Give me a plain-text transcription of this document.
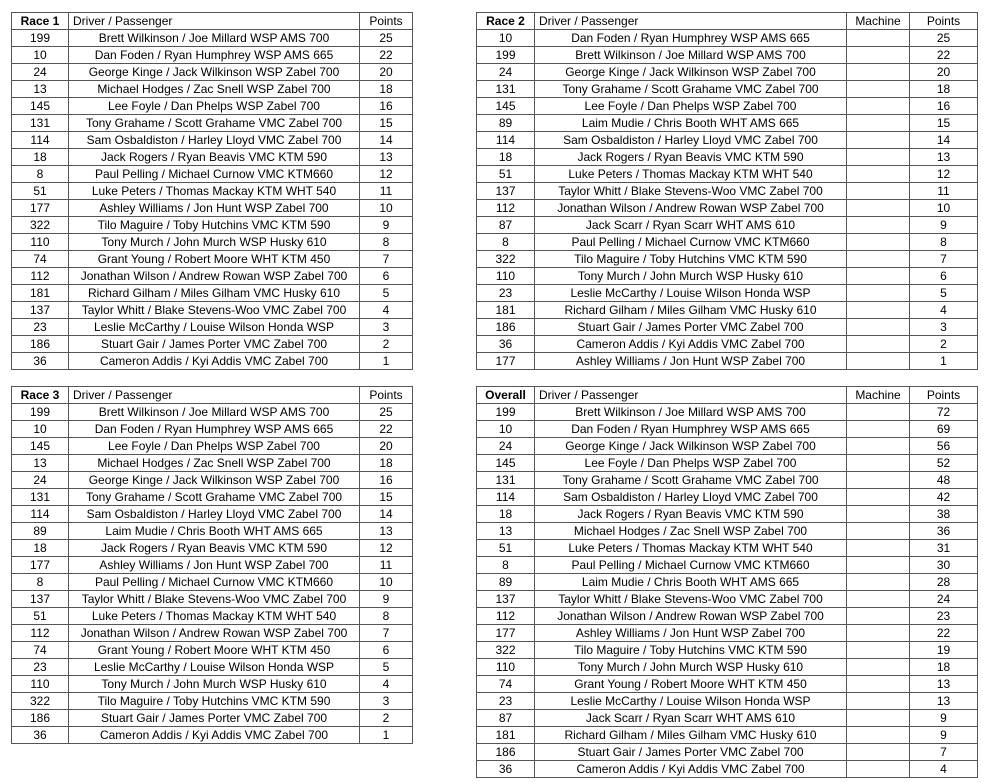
Race 1	Driver / Passenger	Points
199	Brett Wilkinson / Joe Millard WSP AMS 700	25
10	Dan Foden / Ryan Humphrey WSP AMS 665	22
24	George Kinge / Jack Wilkinson WSP Zabel 700	20
13	Michael Hodges / Zac Snell WSP Zabel 700	18
145	Lee Foyle / Dan Phelps WSP Zabel 700	16
131	Tony Grahame / Scott Grahame VMC Zabel 700	15
114	Sam Osbaldiston / Harley Lloyd VMC Zabel 700	14
18	Jack Rogers / Ryan Beavis VMC KTM 590	13
8	Paul Pelling / Michael Curnow VMC KTM660	12
51	Luke Peters / Thomas Mackay KTM WHT 540	11
177	Ashley Williams / Jon Hunt WSP Zabel 700	10
322	Tilo Maguire / Toby Hutchins VMC KTM 590	9
110	Tony Murch / John Murch WSP Husky 610	8
74	Grant Young / Robert Moore WHT KTM 450	7
112	Jonathan Wilson / Andrew Rowan WSP Zabel 700	6
181	Richard Gilham / Miles Gilham VMC Husky 610	5
137	Taylor Whitt / Blake Stevens-Woo VMC Zabel 700	4
23	Leslie McCarthy / Louise Wilson Honda WSP	3
186	Stuart Gair / James Porter VMC Zabel 700	2
36	Cameron Addis / Kyi Addis VMC Zabel 700	1
Race 2	Driver / Passenger	Machine	Points
10	Dan Foden / Ryan Humphrey WSP AMS 665		25
199	Brett Wilkinson / Joe Millard WSP AMS 700		22
24	George Kinge / Jack Wilkinson WSP Zabel 700		20
131	Tony Grahame / Scott Grahame VMC Zabel 700		18
145	Lee Foyle / Dan Phelps WSP Zabel 700		16
89	Laim Mudie / Chris Booth WHT AMS 665		15
114	Sam Osbaldiston / Harley Lloyd VMC Zabel 700		14
18	Jack Rogers / Ryan Beavis VMC KTM 590		13
51	Luke Peters / Thomas Mackay KTM WHT 540		12
137	Taylor Whitt / Blake Stevens-Woo VMC Zabel 700		11
112	Jonathan Wilson / Andrew Rowan WSP Zabel 700		10
87	Jack Scarr / Ryan Scarr WHT AMS 610		9
8	Paul Pelling / Michael Curnow VMC KTM660		8
322	Tilo Maguire / Toby Hutchins VMC KTM 590		7
110	Tony Murch / John Murch WSP Husky 610		6
23	Leslie McCarthy / Louise Wilson Honda WSP		5
181	Richard Gilham / Miles Gilham VMC Husky 610		4
186	Stuart Gair / James Porter VMC Zabel 700		3
36	Cameron Addis / Kyi Addis VMC Zabel 700		2
177	Ashley Williams / Jon Hunt WSP Zabel 700		1
Race 3	Driver / Passenger	Points
199	Brett Wilkinson / Joe Millard WSP AMS 700	25
10	Dan Foden / Ryan Humphrey WSP AMS 665	22
145	Lee Foyle / Dan Phelps WSP Zabel 700	20
13	Michael Hodges / Zac Snell WSP Zabel 700	18
24	George Kinge / Jack Wilkinson WSP Zabel 700	16
131	Tony Grahame / Scott Grahame VMC Zabel 700	15
114	Sam Osbaldiston / Harley Lloyd VMC Zabel 700	14
89	Laim Mudie / Chris Booth WHT AMS 665	13
18	Jack Rogers / Ryan Beavis VMC KTM 590	12
177	Ashley Williams / Jon Hunt WSP Zabel 700	11
8	Paul Pelling / Michael Curnow VMC KTM660	10
137	Taylor Whitt / Blake Stevens-Woo VMC Zabel 700	9
51	Luke Peters / Thomas Mackay KTM WHT 540	8
112	Jonathan Wilson / Andrew Rowan WSP Zabel 700	7
74	Grant Young / Robert Moore WHT KTM 450	6
23	Leslie McCarthy / Louise Wilson Honda WSP	5
110	Tony Murch / John Murch WSP Husky 610	4
322	Tilo Maguire / Toby Hutchins VMC KTM 590	3
186	Stuart Gair / James Porter VMC Zabel 700	2
36	Cameron Addis / Kyi Addis VMC Zabel 700	1
Overall	Driver / Passenger	Machine	Points
199	Brett Wilkinson / Joe Millard WSP AMS 700		72
10	Dan Foden / Ryan Humphrey WSP AMS 665		69
24	George Kinge / Jack Wilkinson WSP Zabel 700		56
145	Lee Foyle / Dan Phelps WSP Zabel 700		52
131	Tony Grahame / Scott Grahame VMC Zabel 700		48
114	Sam Osbaldiston / Harley Lloyd VMC Zabel 700		42
18	Jack Rogers / Ryan Beavis VMC KTM 590		38
13	Michael Hodges / Zac Snell WSP Zabel 700		36
51	Luke Peters / Thomas Mackay KTM WHT 540		31
8	Paul Pelling / Michael Curnow VMC KTM660		30
89	Laim Mudie / Chris Booth WHT AMS 665		28
137	Taylor Whitt / Blake Stevens-Woo VMC Zabel 700		24
112	Jonathan Wilson / Andrew Rowan WSP Zabel 700		23
177	Ashley Williams / Jon Hunt WSP Zabel 700		22
322	Tilo Maguire / Toby Hutchins VMC KTM 590		19
110	Tony Murch / John Murch WSP Husky 610		18
74	Grant Young / Robert Moore WHT KTM 450		13
23	Leslie McCarthy / Louise Wilson Honda WSP		13
87	Jack Scarr / Ryan Scarr WHT AMS 610		9
181	Richard Gilham / Miles Gilham VMC Husky 610		9
186	Stuart Gair / James Porter VMC Zabel 700		7
36	Cameron Addis / Kyi Addis VMC Zabel 700		4
